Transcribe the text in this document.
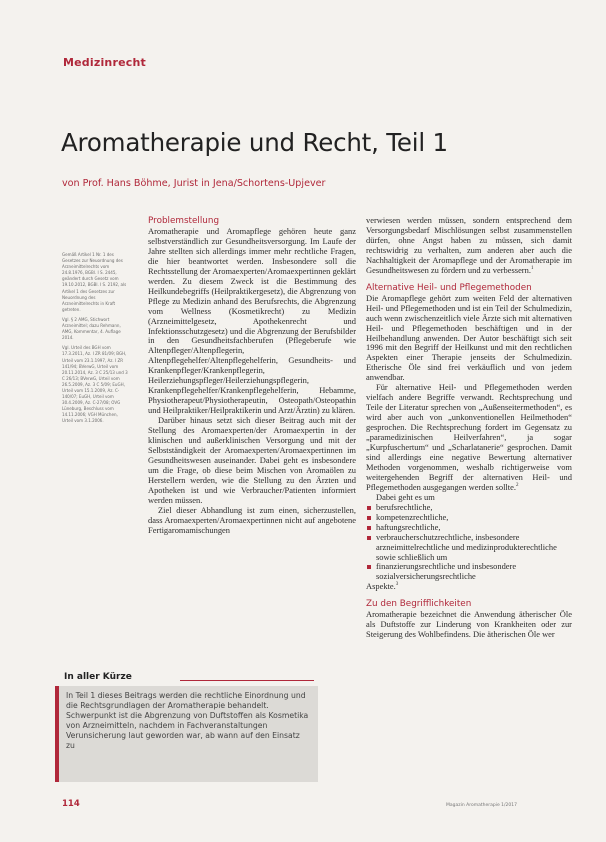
Medizinrecht
Aromatherapie und Recht, Teil 1
von Prof. Hans Böhme, Jurist in Jena/Schortens-Upjever

Gemäß Artikel 1 Nr. 1 des Gesetzes zur Neuordnung des Arzneimittelrechts vom 24.8.1976, BGBl. I S. 2445, geändert durch Gesetz vom 19.10.2012, BGBl. I S. 2192, als Artikel 1 des Gesetzes zur Neuordnung des Arzneimittelrechts in Kraft getreten.

Vgl. § 2 AMG, Stichwort Arzneimittel; dazu Rehmann, AMG, Kommentar, 4. Auflage 2014.

Vgl. Urteil des BGH vom 17.3.2011, Az. I ZR 81/09; BGH, Urteil vom 23.1.1997, Az. I ZR 141/94; BVerwG, Urteil vom 20.11.2014, Az. 3 C 25/13 und 3 C 26/13; BVerwG, Urteil vom 26.5.2009, Az. 3 C 5/09; EuGH, Urteil vom 15.1.2009, Az. C-140/07; EuGH, Urteil vom 30.4.2009, Az. C-27/08; OVG Lüneburg, Beschluss vom 14.11.2006; VGH München, Urteil vom 3.1.2006.

Problemstellung

Aromatherapie und Aromapflege gehören heute ganz selbstverständlich zur Gesundheitsversorgung. Im Laufe der Jahre stellten sich allerdings immer mehr rechtliche Fragen, die hier beantwortet werden. Insbesondere soll die Rechtsstellung der Aromaexperten/Aromaexpertinnen geklärt werden. Zu diesem Zweck ist die Bestimmung des Heilkundebegriffs (Heilpraktikergesetz), die Abgrenzung von Pflege zu Medizin anhand des Berufsrechts, die Abgrenzung vom Wellness (Kosmetikrecht) zu Medizin (Arzneimittelgesetz, Apothekenrecht und Infektionsschutzgesetz) und die Abgrenzung der Berufsbilder in den Gesundheitsfachberufen (Pflegeberufe wie Altenpfleger/Altenpflegerin, Altenpflegehelfer/Altenpflegehelferin, Gesundheits- und Krankenpfleger/Krankenpflegerin, Heilerziehungspfleger/Heilerziehungspflegerin, Krankenpflegehelfer/Krankenpflegehelferin, Hebamme, Physiotherapeut/Physiotherapeutin, Osteopath/Osteopathin und Heilpraktiker/Heilpraktikerin und Arzt/Ärztin) zu klären.

Darüber hinaus setzt sich dieser Beitrag auch mit der Stellung des Aromaexperten/der Aromaexpertin in der klinischen und außerklinischen Versorgung und mit der Selbstständigkeit der Aromaexperten/Aromaexpertinnen im Gesundheitswesen auseinander. Dabei geht es insbesondere um die Frage, ob diese beim Mischen von Aromaölen zu Herstellern werden, wie die Stellung zu den Ärzten und Apotheken ist und wie Verbraucher/Patienten informiert werden müssen.

Ziel dieser Abhandlung ist zum einen, sicherzustellen, dass Aromaexperten/Aromaexpertinnen nicht auf angebotene Fertigaromamischungen

verwiesen werden müssen, sondern entsprechend dem Versorgungsbedarf Mischlösungen selbst zusammenstellen dürfen, ohne Angst haben zu müssen, sich damit rechtswidrig zu verhalten, zum anderen aber auch die Nachhaltigkeit der Aromapflege und der Aromatherapie im Gesundheitswesen zu fördern und zu verbessern.$^1$

Alternative Heil- und Pflegemethoden

Die Aromapflege gehört zum weiten Feld der alternativen Heil- und Pflegemethoden und ist ein Teil der Schulmedizin, auch wenn zwischenzeitlich viele Ärzte sich mit alternativen Heil- und Pflegemethoden beschäftigen und in der Heilbehandlung anwenden. Der Autor beschäftigt sich seit 1996 mit den Begriff der Heilkunst und mit den rechtlichen Aspekten einer Therapie jenseits der Schulmedizin. Etherische Öle sind frei verkäuflich und von jedem anwendbar.

Für alternative Heil- und Pflegemethoden werden vielfach andere Begriffe verwandt. Rechtsprechung und Teile der Literatur sprechen von „Außenseitermethoden“, es wird aber auch von „unkonventionellen Heilmethoden“ gesprochen. Die Rechtsprechung fordert im Gegensatz zu „paramedizinischen Heilverfahren“, ja sogar „Kurpfuschertum“ und „Scharlatanerie“ gesprochen. Damit sind allerdings eine negative Bewertung alternativer Methoden vorgenommen, weshalb richtigerweise vom weitergehenden Begriff der alternativen Heil- und Pflegemethoden ausgegangen werden sollte.$^2$

Dabei geht es um

berufsrechtliche,
kompetenzrechtliche,
haftungsrechtliche,
verbraucherschutzrechtliche, insbesondere arzneimittelrechtliche und medizinprodukterechtliche sowie schließlich um
finanzierungsrechtliche und insbesondere sozialversicherungsrechtliche

Aspekte.$^3$

Zu den Begrifflichkeiten

Aromatherapie bezeichnet die Anwendung ätherischer Öle als Duftstoffe zur Linderung von Krankheiten oder zur Steigerung des Wohlbefindens. Die ätherischen Öle wer

In aller Kürze
In Teil 1 dieses Beitrags werden die rechtliche Einordnung und die Rechtsgrundlagen der Aromatherapie behandelt. Schwerpunkt ist die Abgrenzung von Duftstoffen als Kosmetika von Arzneimitteln, nachdem in Fachveranstaltungen Verunsicherung laut geworden war, ab wann auf den Einsatz zu
114	Magazin Aromatherapie 1/2017
